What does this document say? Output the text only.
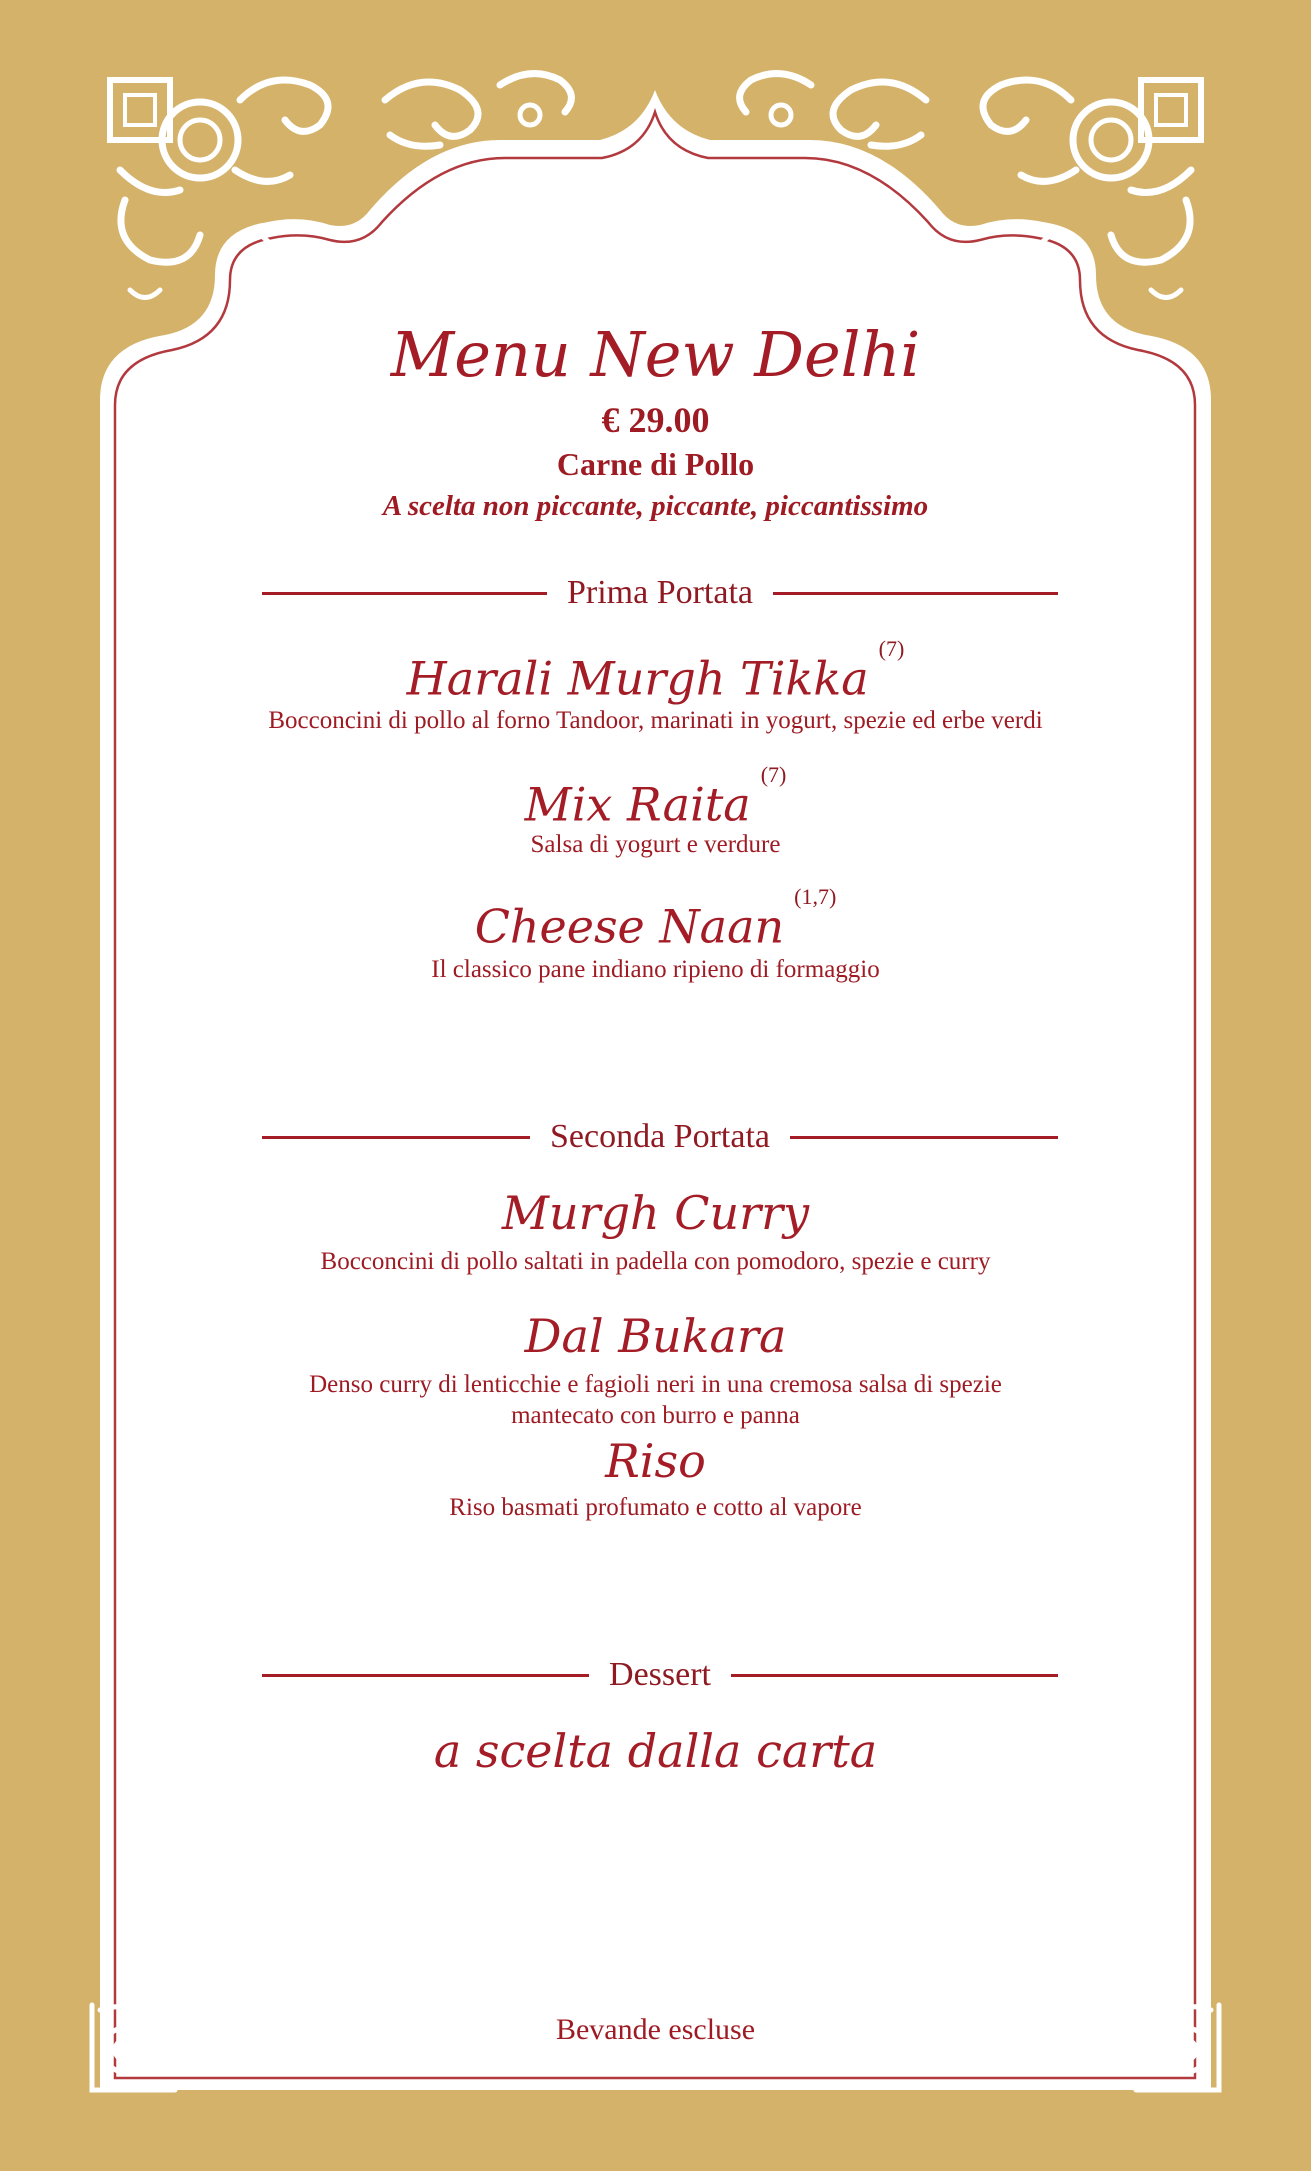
Menu New Delhi
€ 29.00
Carne di Pollo
A scelta non piccante, piccante, piccantissimo
Prima Portata
Harali Murgh Tikka$^{(7)}$
Bocconcini di pollo al forno Tandoor, marinati in yogurt, spezie ed erbe verdi
Mix Raita$^{(7)}$
Salsa di yogurt e verdure
Cheese Naan$^{(1,7)}$
Il classico pane indiano ripieno di formaggio
Seconda Portata
Murgh Curry
Bocconcini di pollo saltati in padella con pomodoro, spezie e curry
Dal Bukara
Denso curry di lenticchie e fagioli neri in una cremosa salsa di spezie
mantecato con burro e panna
Riso
Riso basmati profumato e cotto al vapore
Dessert
a scelta dalla carta
Bevande escluse
